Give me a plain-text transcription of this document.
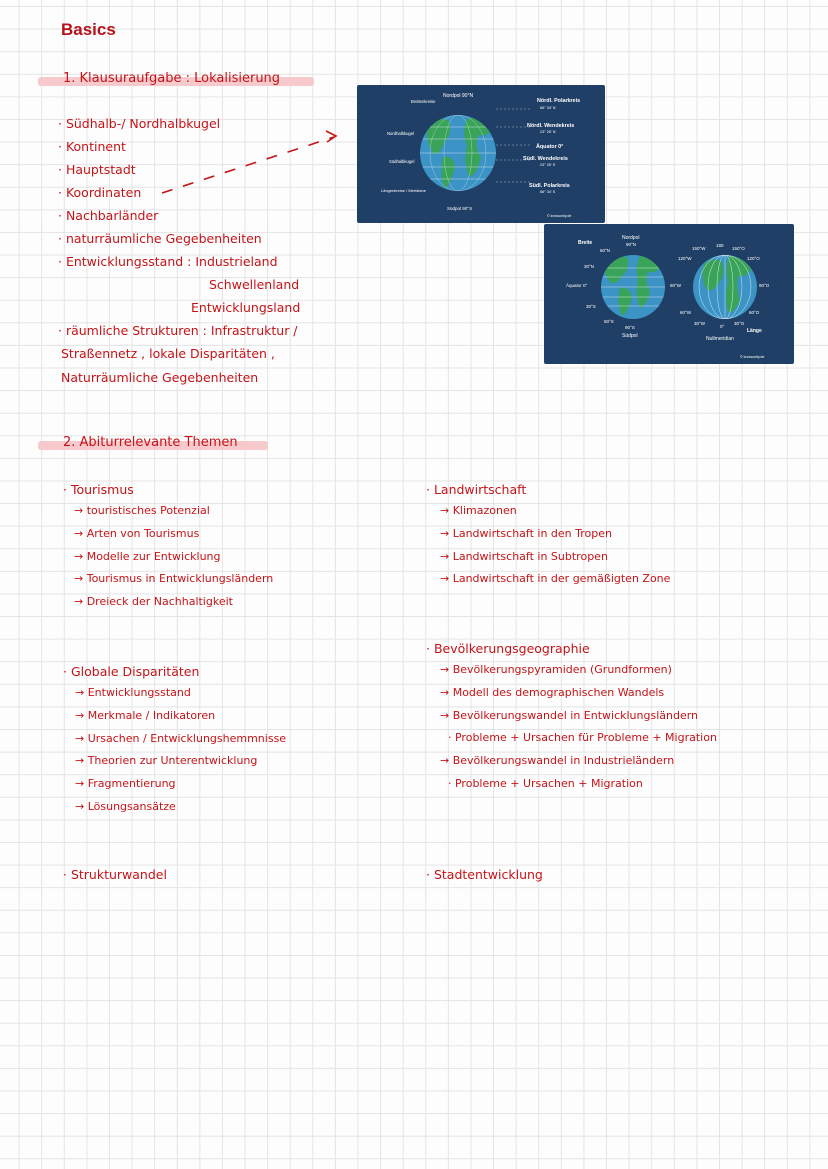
Basics
1. Klausuraufgabe : Lokalisierung
· Südhalb-/ Nordhalbkugel
· Kontinent
· Hauptstadt
· Koordinaten
· Nachbarländer
· naturräumliche Gegebenheiten
· Entwicklungsstand : Industrieland
Schwellenland
Entwicklungsland
· räumliche Strukturen : Infrastruktur /
Straßennetz , lokale Disparitäten ,
Naturräumliche Gegebenheiten
Nordpol 90°N
Breitenkreise
Nordhalbkugel
Südhalbkugel
Längenkreise / Meridiane
Südpol 90°S
Nördl. Polarkreis
66° 34' N
Nördl. Wendekreis
23° 26' N
Äquator 0°
Südl. Wendekreis
23° 26' S
Südl. Polarkreis
66° 34' S
© knowunity.de
Breite
Nordpol
90°N
60°N
30°N
Äquator 0°
30°S
60°S
90°S
Südpol
150°W
180
150°O
120°W	120°O
90°W	90°O
60°W	60°O
30°W
0°
30°O
Länge
Nullmeridian
© knowunity.de
2. Abiturrelevante Themen
· Tourismus
→ touristisches Potenzial
→ Arten von Tourismus
→ Modelle zur Entwicklung
→ Tourismus in Entwicklungsländern
→ Dreieck der Nachhaltigkeit
· Landwirtschaft
→ Klimazonen
→ Landwirtschaft in den Tropen
→ Landwirtschaft in Subtropen
→ Landwirtschaft in der gemäßigten Zone
· Globale Disparitäten
→ Entwicklungsstand
→ Merkmale / Indikatoren
→ Ursachen / Entwicklungshemmnisse
→ Theorien zur Unterentwicklung
→ Fragmentierung
→ Lösungsansätze
· Bevölkerungsgeographie
→ Bevölkerungspyramiden (Grundformen)
→ Modell des demographischen Wandels
→ Bevölkerungswandel in Entwicklungsländern
· Probleme + Ursachen für Probleme + Migration
→ Bevölkerungswandel in Industrieländern
· Probleme + Ursachen + Migration
· Strukturwandel	· Stadtentwicklung
